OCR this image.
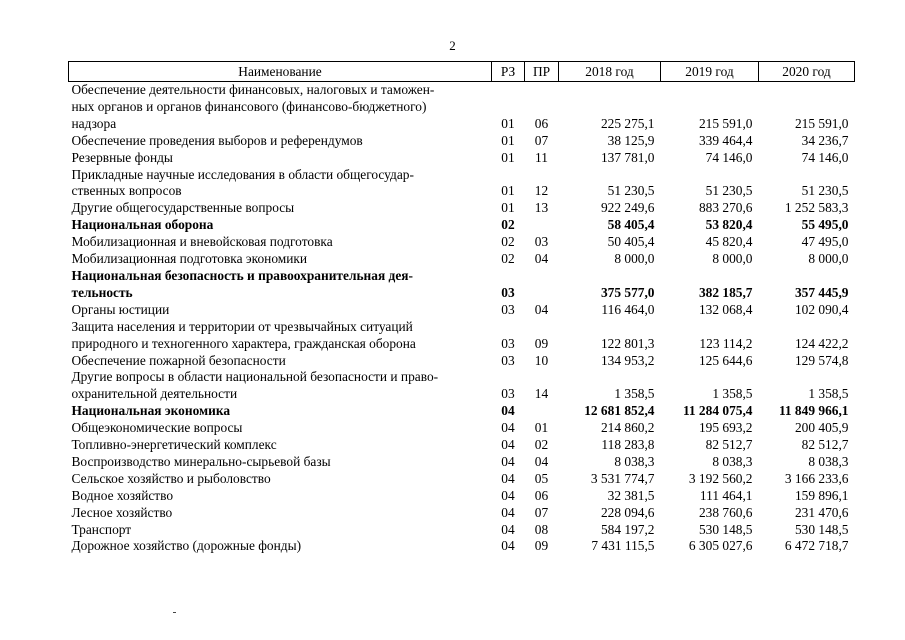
2
Наименование	РЗ	ПР	2018 год	2019 год	2020 год
Обеспечение деятельности финансовых, налоговых и таможен-
ных органов и органов финансового (финансово-бюджетного)
надзора	01	06	225 275,1	215 591,0	215 591,0
Обеспечение проведения выборов и референдумов	01	07	38 125,9	339 464,4	34 236,7
Резервные фонды	01	11	137 781,0	74 146,0	74 146,0
Прикладные научные исследования в области общегосудар-
ственных вопросов	01	12	51 230,5	51 230,5	51 230,5
Другие общегосударственные вопросы	01	13	922 249,6	883 270,6	1 252 583,3
Национальная оборона	02		58 405,4	53 820,4	55 495,0
Мобилизационная и вневойсковая подготовка	02	03	50 405,4	45 820,4	47 495,0
Мобилизационная подготовка экономики	02	04	8 000,0	8 000,0	8 000,0
Национальная безопасность и правоохранительная дея-
тельность	03		375 577,0	382 185,7	357 445,9
Органы юстиции	03	04	116 464,0	132 068,4	102 090,4
Защита населения и территории от чрезвычайных ситуаций
природного и техногенного характера, гражданская оборона	03	09	122 801,3	123 114,2	124 422,2
Обеспечение пожарной безопасности	03	10	134 953,2	125 644,6	129 574,8
Другие вопросы в области национальной безопасности и право-
охранительной деятельности	03	14	1 358,5	1 358,5	1 358,5
Национальная экономика	04		12 681 852,4	11 284 075,4	11 849 966,1
Общеэкономические вопросы	04	01	214 860,2	195 693,2	200 405,9
Топливно-энергетический комплекс	04	02	118 283,8	82 512,7	82 512,7
Воспроизводство минерально-сырьевой базы	04	04	8 038,3	8 038,3	8 038,3
Сельское хозяйство и рыболовство	04	05	3 531 774,7	3 192 560,2	3 166 233,6
Водное хозяйство	04	06	32 381,5	111 464,1	159 896,1
Лесное хозяйство	04	07	228 094,6	238 760,6	231 470,6
Транспорт	04	08	584 197,2	530 148,5	530 148,5
Дорожное хозяйство (дорожные фонды)	04	09	7 431 115,5	6 305 027,6	6 472 718,7
